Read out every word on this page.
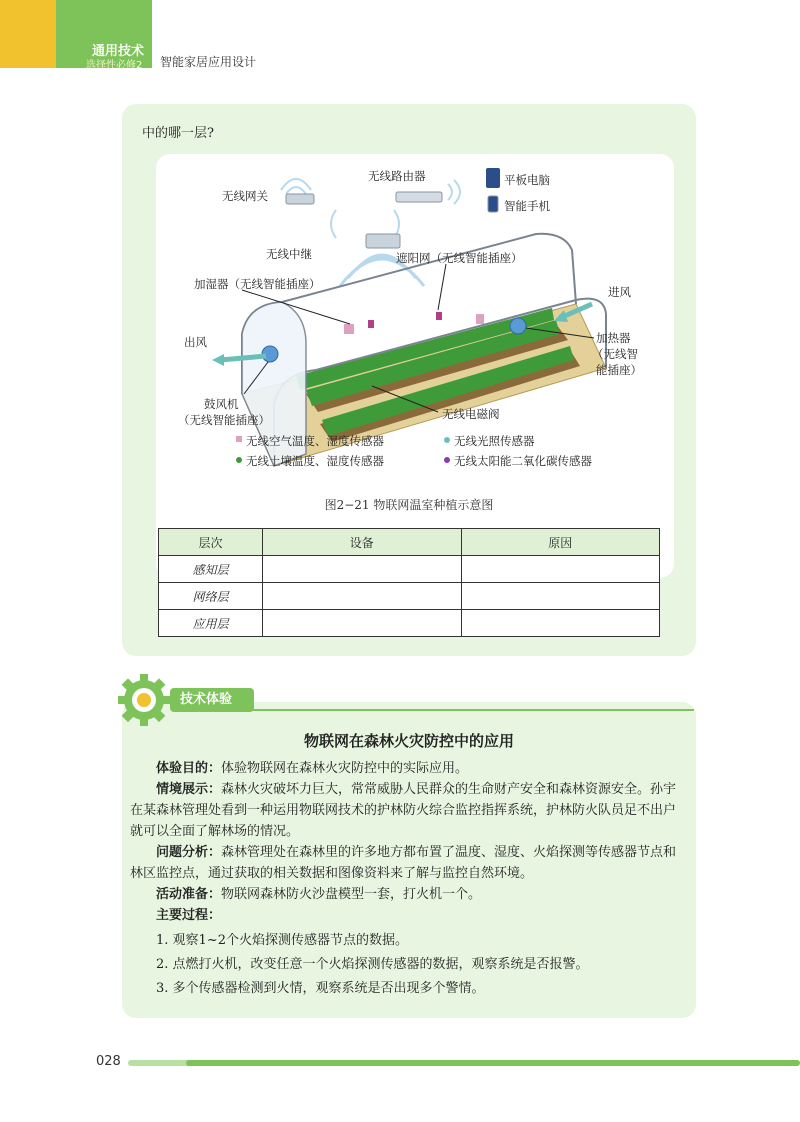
通用技术
选择性必修2 智能家居应用设计
中的哪一层?
无线网关
无线路由器	平板电脑
智能手机
无线中继	遮阳网（无线智能插座）
加湿器（无线智能插座）
进风
出风	加热器
（无线智
能插座）
鼓风机
（无线智能插座）	无线电磁阀
无线空气温度、湿度传感器	无线光照传感器
无线土壤温度、湿度传感器	无线太阳能二氧化碳传感器
图2−21 物联网温室种植示意图
层次	设备	原因
感知层		
网络层		
应用层		
物联网在森林火灾防控中的应用
体验目的：体验物联网在森林火灾防控中的实际应用。
情境展示：森林火灾破坏力巨大，常常威胁人民群众的生命财产安全和森林资源安全。孙宇在某森林管理处看到一种运用物联网技术的护林防火综合监控指挥系统，护林防火队员足不出户就可以全面了解林场的情况。
问题分析：森林管理处在森林里的许多地方都布置了温度、湿度、火焰探测等传感器节点和林区监控点，通过获取的相关数据和图像资料来了解与监控自然环境。
活动准备：物联网森林防火沙盘模型一套，打火机一个。
主要过程：
1. 观察1~2个火焰探测传感器节点的数据。
2. 点燃打火机，改变任意一个火焰探测传感器的数据，观察系统是否报警。
3. 多个传感器检测到火情，观察系统是否出现多个警情。
技术体验
028
